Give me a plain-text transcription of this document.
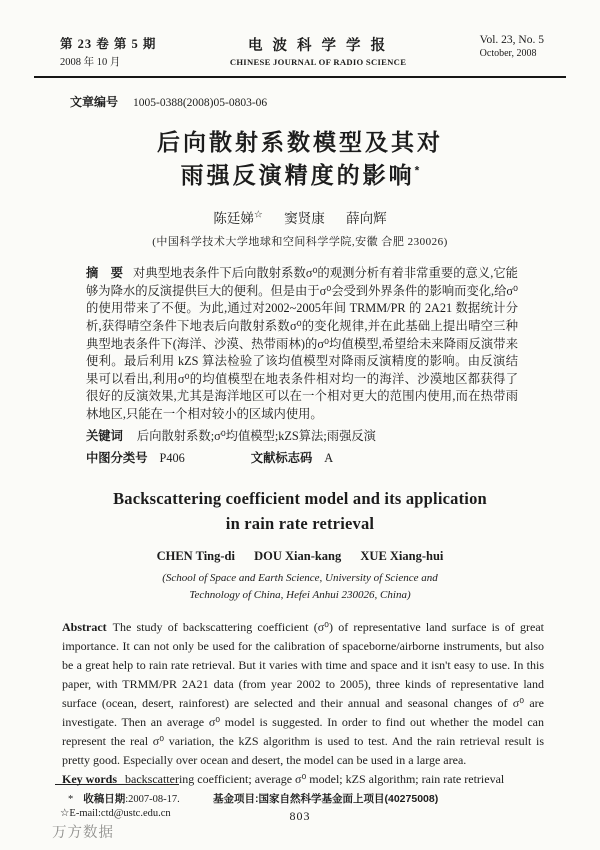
第 23 卷 第 5 期
2008 年 10 月
电 波 科 学 学 报
CHINESE JOURNAL OF RADIO SCIENCE
Vol. 23, No. 5
October, 2008
文章编号 1005-0388(2008)05-0803-06
后向散射系数模型及其对
雨强反演精度的影响*
陈廷娣☆ 窦贤康 薛向辉
(中国科学技术大学地球和空间科学学院,安徽 合肥 230026)

摘　要 对典型地表条件下后向散射系数σ⁰的观测分析有着非常重要的意义,它能够为降水的反演提供巨大的便利。但是由于σ⁰会受到外界条件的影响而变化,给σ⁰的使用带来了不便。为此,通过对2002~2005年间 TRMM/PR 的 2A21 数据统计分析,获得晴空条件下地表后向散射系数σ⁰的变化规律,并在此基础上提出晴空三种典型地表条件下(海洋、沙漠、热带雨林)的σ⁰均值模型,希望给未来降雨反演带来便利。最后利用 kZS 算法检验了该均值模型对降雨反演精度的影响。由反演结果可以看出,利用σ⁰的均值模型在地表条件相对均一的海洋、沙漠地区都获得了很好的反演效果,尤其是海洋地区可以在一个相对更大的范围内使用,而在热带雨林地区,只能在一个相对较小的区域内使用。

关键词 后向散射系数;σ⁰均值模型;kZS算法;雨强反演

中图分类号 P406	文献标志码 A

Backscattering coefficient model and its application
in rain rate retrieval
CHEN Ting-di DOU Xian-kang XUE Xiang-hui
(School of Space and Earth Science, University of Science and
Technology of China, Hefei Anhui 230026, China)

Abstract The study of backscattering coefficient (σ⁰) of representative land surface is of great importance. It can not only be used for the calibration of spaceborne/airborne instruments, but also be a great help to rain rate retrieval. But it varies with time and space and it isn't easy to use. In this paper, with TRMM/PR 2A21 data (from year 2002 to 2005), three kinds of representative land surface (ocean, desert, rainforest) are selected and their annual and seasonal changes of σ⁰ are investigate. Then an average σ⁰ model is suggested. In order to find out whether the model can represent the real σ⁰ variation, the kZS algorithm is used to test. And the rain retrieval result is pretty good. Especially over ocean and desert, the model can be used in a large area.

Key words backscattering coefficient; average σ⁰ model; kZS algorithm; rain rate retrieval

* 收稿日期:2007-08-17.
☆E-mail:ctd@ustc.edu.cn
基金项目:国家自然科学基金面上项目(40275008)
803
万方数据
